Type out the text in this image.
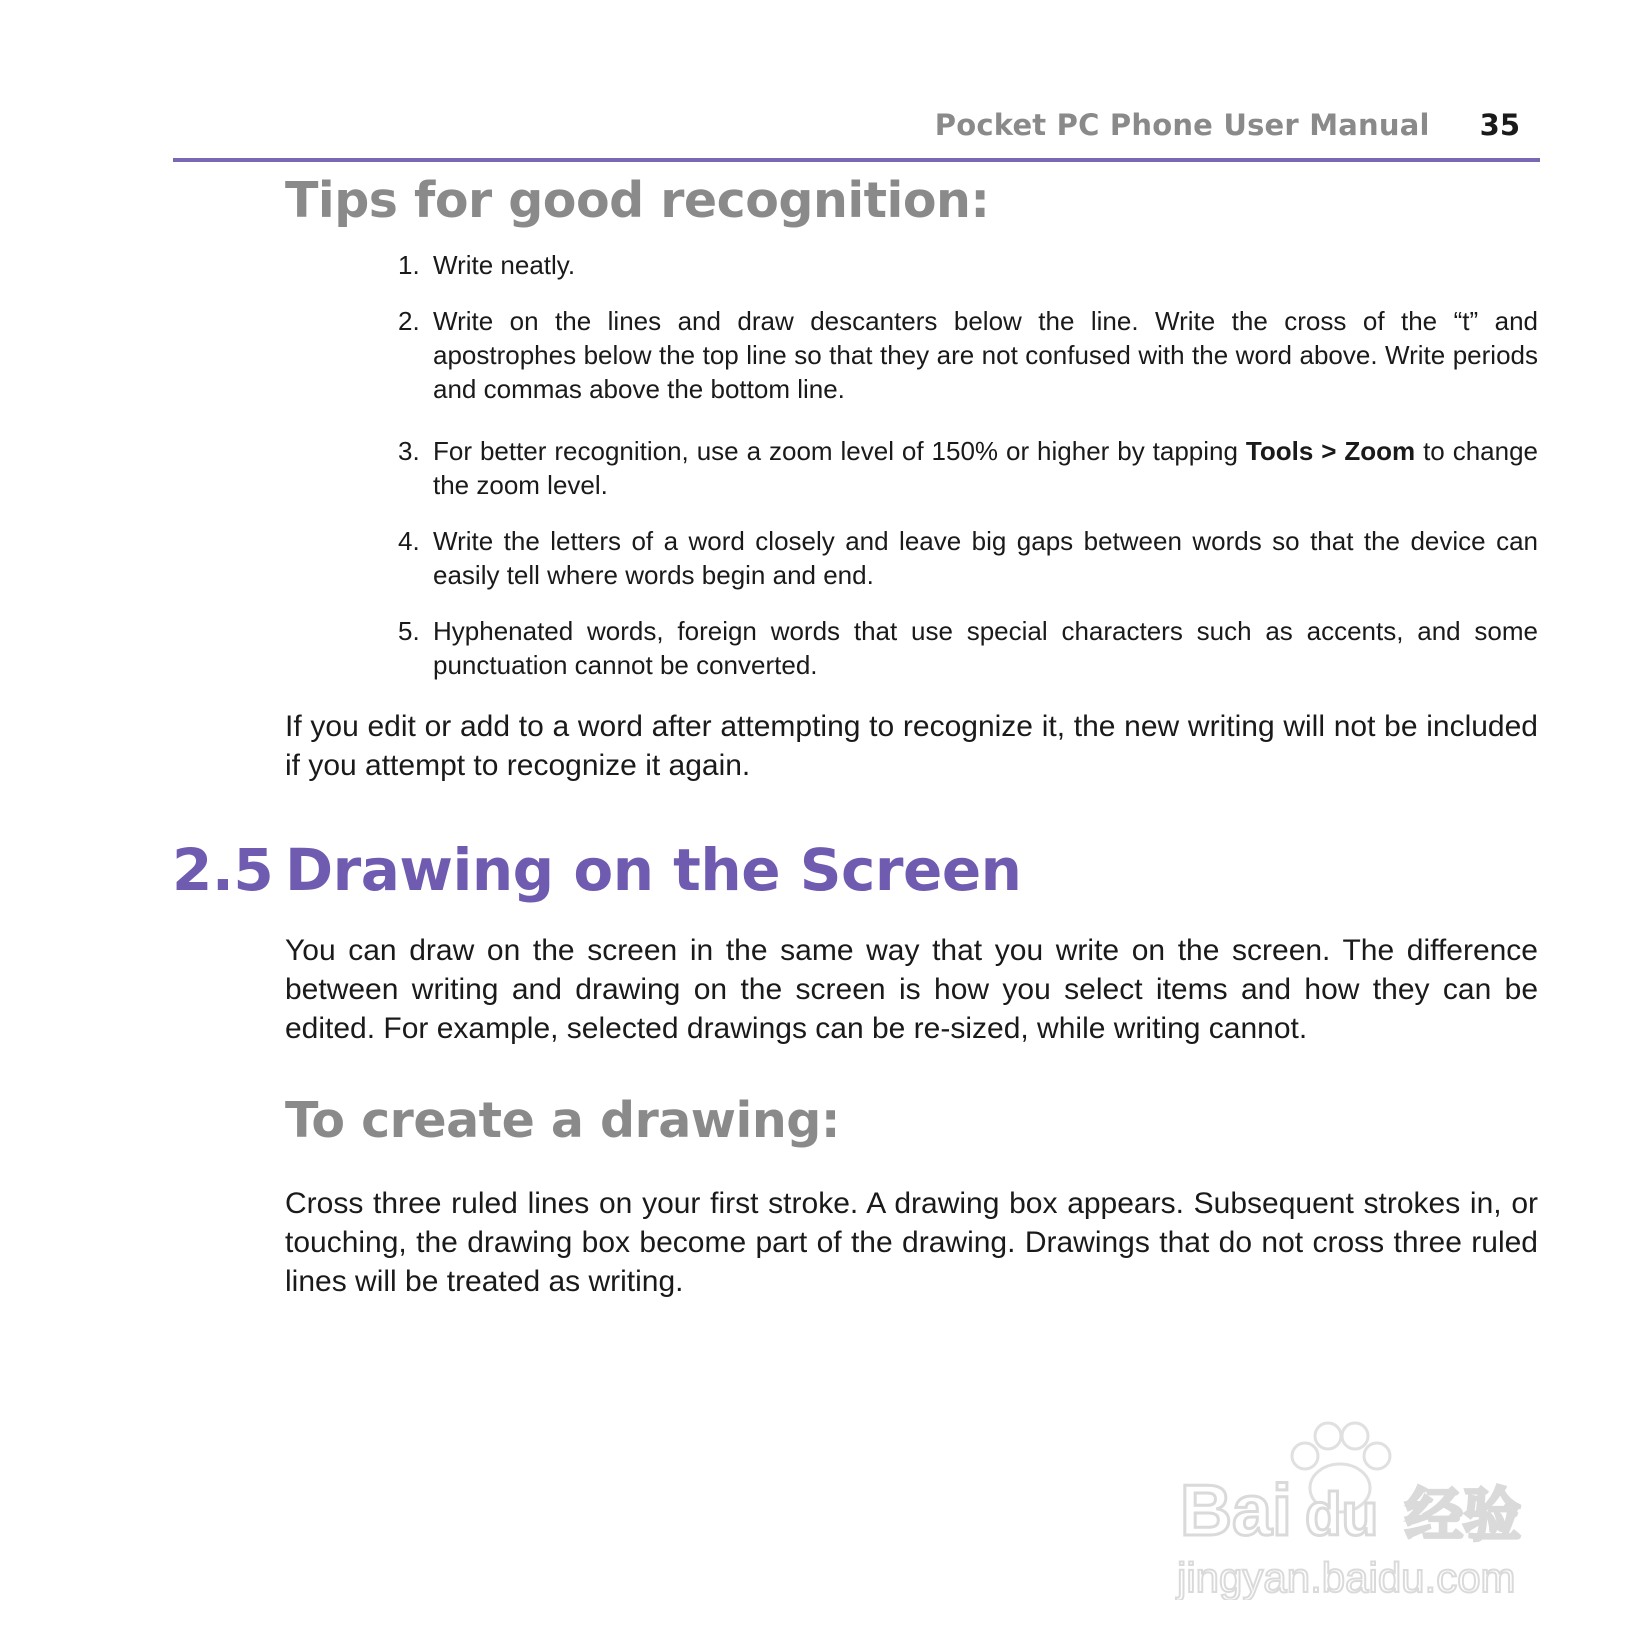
Pocket PC Phone User Manual 35
Tips for good recognition:
1. Write neatly.
2. Write on the lines and draw descanters below the line. Write the cross of the “t” and apostrophes below the top line so that they are not confused with the word above. Write periods and commas above the bottom line.
3. For better recognition, use a zoom level of 150% or higher by tapping Tools > Zoom to change the zoom level.
4. Write the letters of a word closely and leave big gaps between words so that the device can easily tell where words begin and end.
5. Hyphenated words, foreign words that use special characters such as accents, and some punctuation cannot be converted.

If you edit or add to a word after attempting to recognize it, the new writing will not be included if you attempt to recognize it again.

2.5 Drawing on the Screen

You can draw on the screen in the same way that you write on the screen. The difference between writing and drawing on the screen is how you select items and how they can be edited. For example, selected drawings can be re-sized, while writing cannot.

To create a drawing:

Cross three ruled lines on your first stroke. A drawing box appears. Subsequent strokes in, or touching, the drawing box become part of the drawing. Drawings that do not cross three ruled lines will be treated as writing.

Bai du 经验
jingyan.baidu.com
